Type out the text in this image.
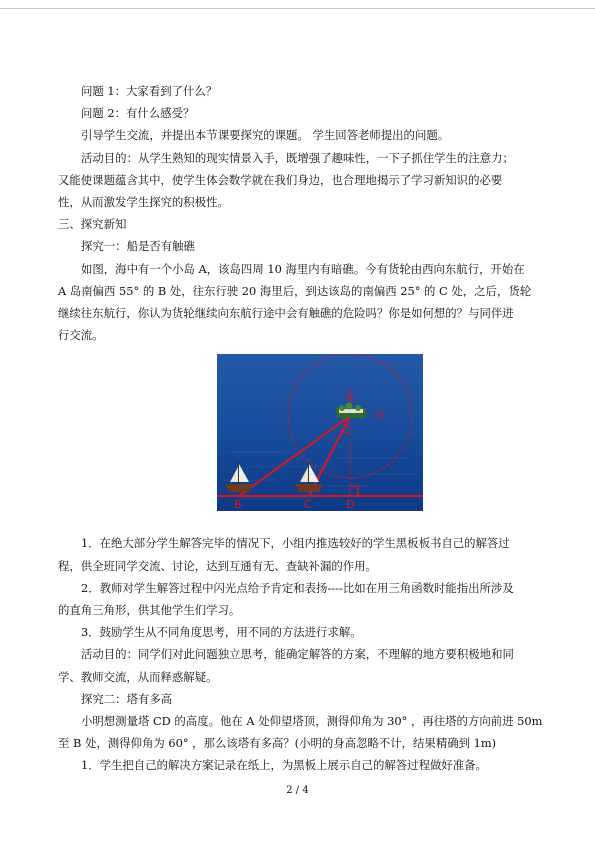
问题 1：大家看到了什么？

问题 2：有什么感受？

引导学生交流，并提出本节课要探究的课题。 学生回答老师提出的问题。

活动目的：从学生熟知的现实情景入手，既增强了趣味性，一下子抓住学生的注意力；

又能使课题蕴含其中，使学生体会数学就在我们身边，也合理地揭示了学习新知识的必要

性，从而激发学生探究的积极性。

三、探究新知

探究一：船是否有触礁

如图，海中有一个小岛 A，该岛四周 10 海里内有暗礁。今有货轮由西向东航行，开始在

A 岛南偏西 55° 的 B 处，往东行驶 20 海里后，到达该岛的南偏西 25° 的 C 处，之后，货轮

继续往东航行，你认为货轮继续向东航行途中会有触礁的危险吗？你是如何想的？与同伴进

行交流。

北
东
B	C	D

1．在绝大部分学生解答完毕的情况下，小组内推选较好的学生黑板板书自己的解答过

程，供全班同学交流、讨论，达到互通有无、查缺补漏的作用。

2．教师对学生解答过程中闪光点给予肯定和表扬----比如在用三角函数时能指出所涉及

的直角三角形，供其他学生们学习。

3．鼓励学生从不同角度思考，用不同的方法进行求解。

活动目的：同学们对此问题独立思考，能确定解答的方案，不理解的地方要积极地和同

学、教师交流，从而释惑解疑。

探究二：塔有多高

小明想测量塔 CD 的高度。他在 A 处仰望塔顶，测得仰角为 30° ，再往塔的方向前进 50m

至 B 处，测得仰角为 60° ，那么该塔有多高？(小明的身高忽略不计，结果精确到 1m)

1．学生把自己的解决方案记录在纸上，为黑板上展示自己的解答过程做好准备。

2 / 4
